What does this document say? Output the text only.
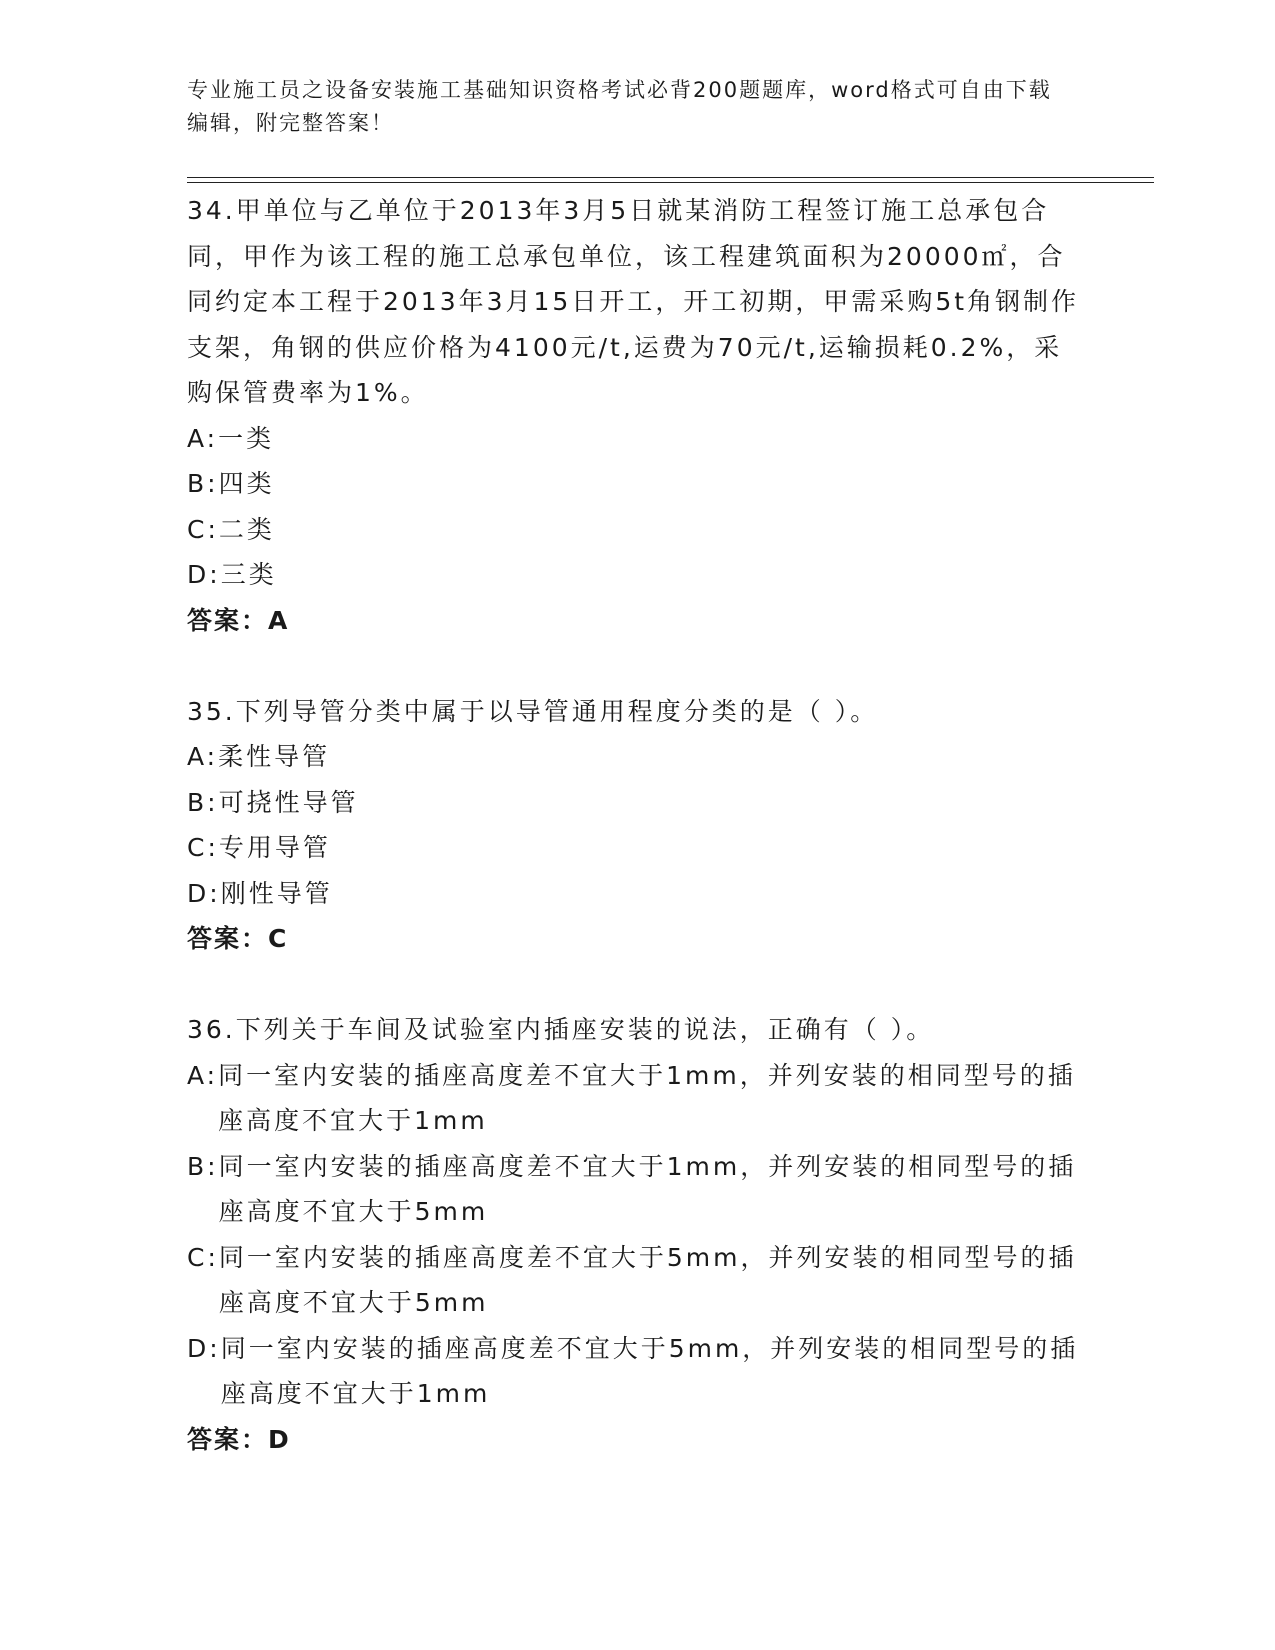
专业施工员之设备安装施工基础知识资格考试必背200题题库，word格式可自由下载编辑，附完整答案！

34.甲单位与乙单位于2013年3月5日就某消防工程签订施工总承包合同，甲作为该工程的施工总承包单位，该工程建筑面积为20000㎡，合同约定本工程于2013年3月15日开工，开工初期，甲需采购5t角钢制作支架，角钢的供应价格为4100元/t,运费为70元/t,运输损耗0.2%，采购保管费率为1%。

A: 一类

B: 四类

C: 二类

D: 三类

答案：A

35.下列导管分类中属于以导管通用程度分类的是（ ）。

A: 柔性导管

B: 可挠性导管

C: 专用导管

D: 刚性导管

答案：C

36.下列关于车间及试验室内插座安装的说法，正确有（ ）。

A: 同一室内安装的插座高度差不宜大于1mm，并列安装的相同型号的插座高度不宜大于1mm

B: 同一室内安装的插座高度差不宜大于1mm，并列安装的相同型号的插座高度不宜大于5mm

C: 同一室内安装的插座高度差不宜大于5mm，并列安装的相同型号的插座高度不宜大于5mm

D: 同一室内安装的插座高度差不宜大于5mm，并列安装的相同型号的插座高度不宜大于1mm

答案：D
